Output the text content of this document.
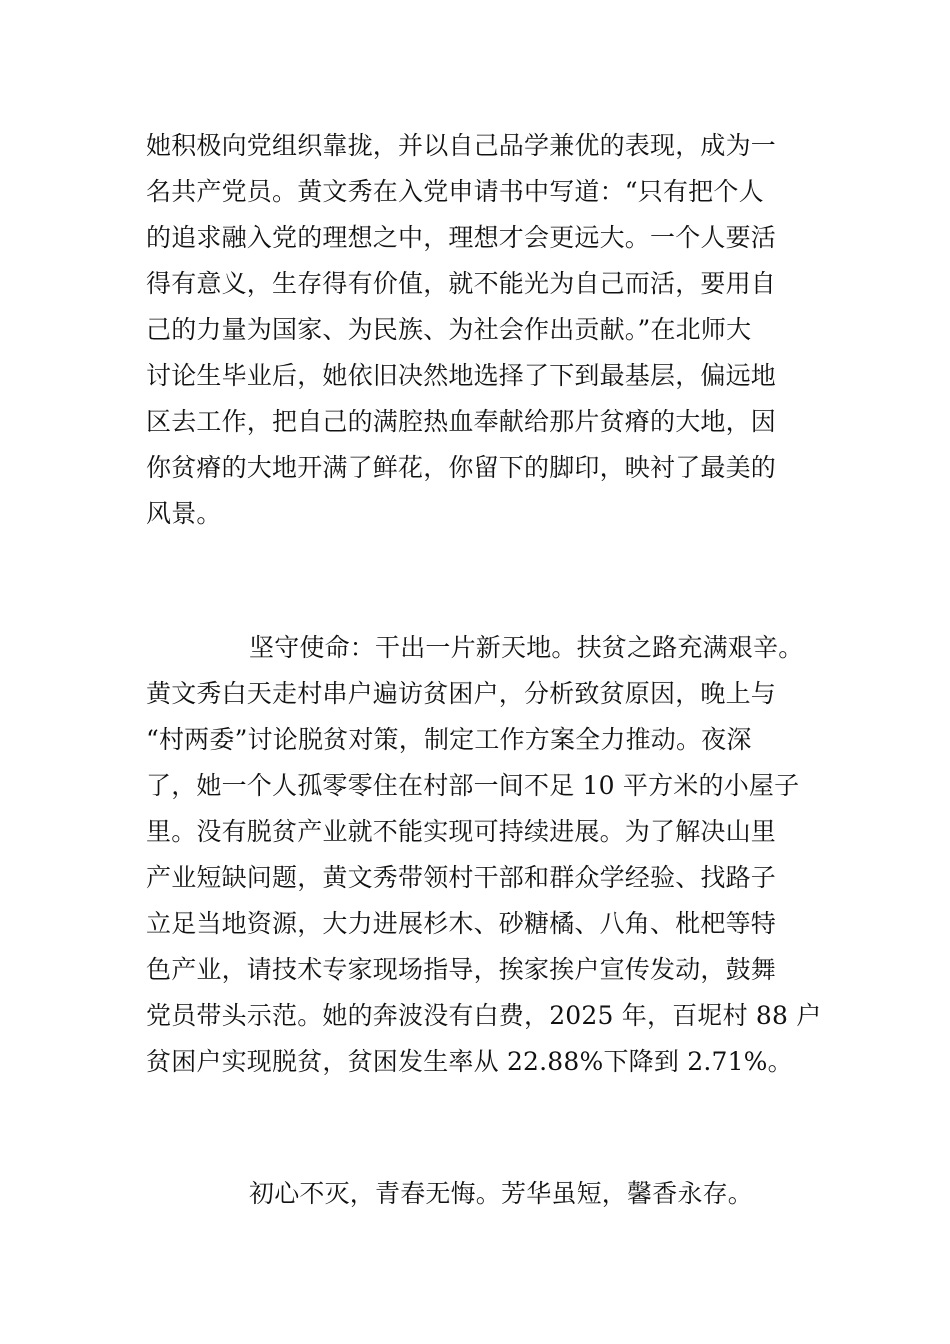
她积极向党组织靠拢，并以自己品学兼优的表现，成为一
名共产党员。黄文秀在入党申请书中写道：“只有把个人
的追求融入党的理想之中，理想才会更远大。一个人要活
得有意义，生存得有价值，就不能光为自己而活，要用自
己的力量为国家、为民族、为社会作出贡献。”在北师大
讨论生毕业后，她依旧决然地选择了下到最基层，偏远地
区去工作，把自己的满腔热血奉献给那片贫瘠的大地，因
你贫瘠的大地开满了鲜花，你留下的脚印，映衬了最美的
风景。
坚守使命：干出一片新天地。扶贫之路充满艰辛。
黄文秀白天走村串户遍访贫困户，分析致贫原因，晚上与
“村两委”讨论脱贫对策，制定工作方案全力推动。夜深
了，她一个人孤零零住在村部一间不足 10 平方米的小屋子
里。没有脱贫产业就不能实现可持续进展。为了解决山里
产业短缺问题，黄文秀带领村干部和群众学经验、找路子
立足当地资源，大力进展杉木、砂糖橘、八角、枇杷等特
色产业，请技术专家现场指导，挨家挨户宣传发动，鼓舞
党员带头示范。她的奔波没有白费，2025 年，百坭村 88 户
贫困户实现脱贫，贫困发生率从 22.88%下降到 2.71%。
初心不灭，青春无悔。芳华虽短，馨香永存。
